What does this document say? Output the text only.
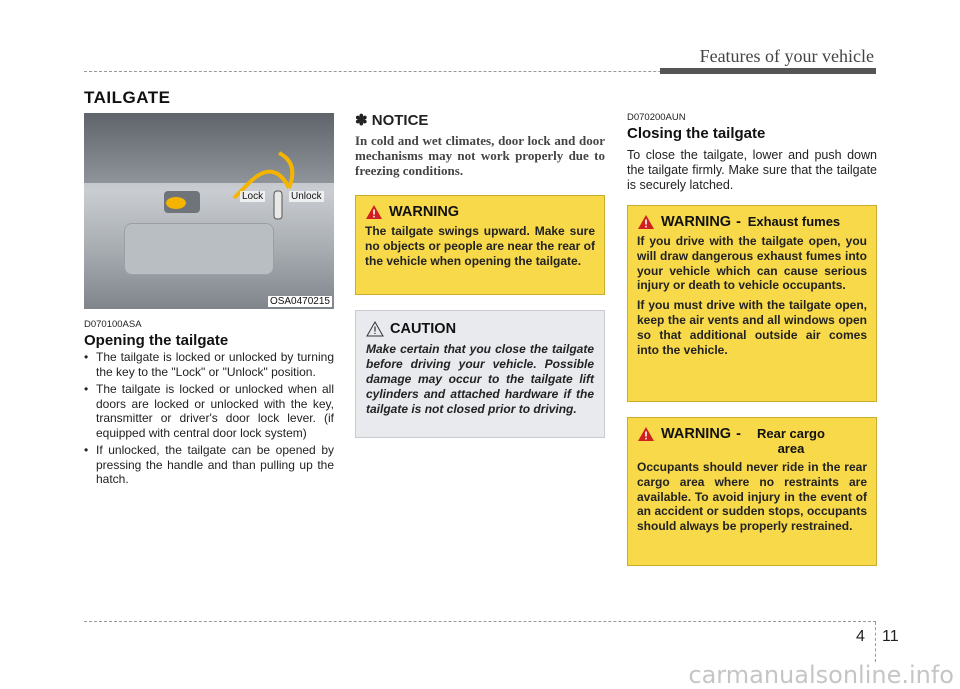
Features of your vehicle
TAILGATE
Lock	Unlock
OSA0470215
D070100ASA
Opening the tailgate
• The tailgate is locked or unlocked by turning the key to the "Lock" or "Unlock" position.
• The tailgate is locked or unlocked when all doors are locked or unlocked with the key, transmitter or driver's door lock lever. (if equipped with central door lock system)
• If unlocked, the tailgate can be opened by pressing the handle and than pulling up the hatch.
✽ NOTICE
In cold and wet climates, door lock and door mechanisms may not work properly due to freezing conditions.
WARNING
The tailgate swings upward. Make sure no objects or people are near the rear of the vehicle when opening the tailgate.
CAUTION
Make certain that you close the tailgate before driving your vehicle. Possible damage may occur to the tailgate lift cylinders and attached hardware if the tailgate is not closed prior to driving.
D070200AUN
Closing the tailgate
To close the tailgate, lower and push down the tailgate firmly. Make sure that the tailgate is securely latched.
WARNING - Exhaust fumes
If you drive with the tailgate open, you will draw dangerous exhaust fumes into your vehicle which can cause serious injury or death to vehicle occupants.
If you must drive with the tailgate open, keep the air vents and all windows open so that additional outside air comes into the vehicle.
WARNING -	Rear cargo area
Occupants should never ride in the rear cargo area where no restraints are available. To avoid injury in the event of an accident or sudden stops, occupants should always be properly restrained.
4 11
carmanualsonline.info
